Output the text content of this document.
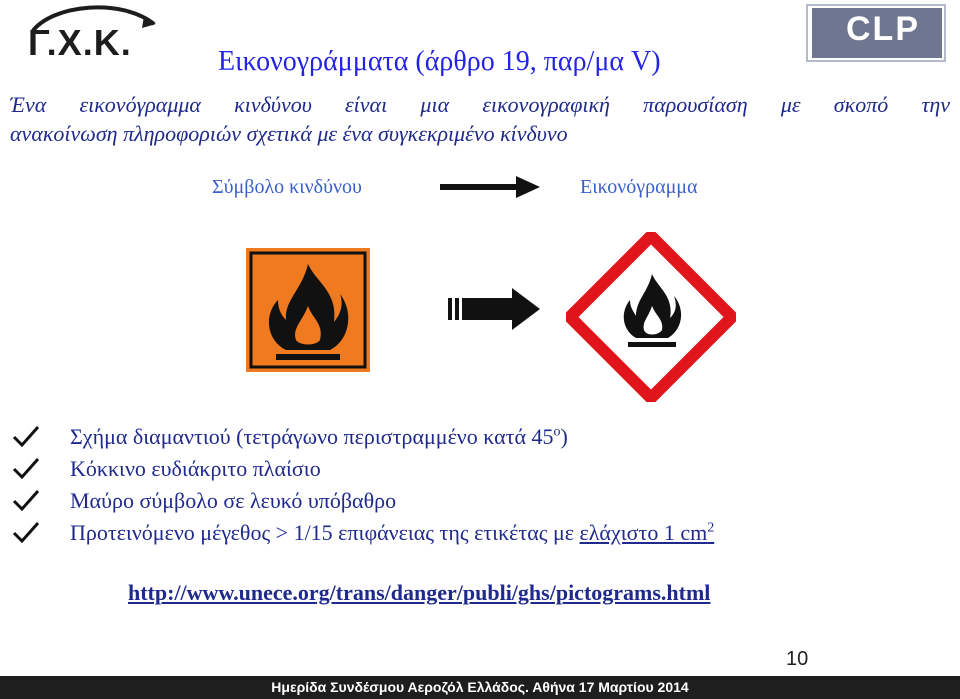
Γ.Χ.Κ.	CLP
Εικονογράμματα (άρθρο 19, παρ/μα V)
Ένα εικονόγραμμα κινδύνου είναι μια εικονογραφική παρουσίαση με σκοπό την
ανακοίνωση πληροφοριών σχετικά με ένα συγκεκριμένο κίνδυνο
Σύμβολο κινδύνου	Εικονόγραμμα
Σχήμα διαμαντιού (τετράγωνο περιστραμμένο κατά $45^o$)
Κόκκινο ευδιάκριτο πλαίσιο
Μαύρο σύμβολο σε λευκό υπόβαθρο
Προτεινόμενο μέγεθος > 1/15 επιφάνειας της ετικέτας με ελάχιστο 1 $cm^2$
http://www.unece.org/trans/danger/publi/ghs/pictograms.html
10
Ημερίδα Συνδέσμου Αεροζόλ Ελλάδος. Αθήνα 17 Μαρτίου 2014
